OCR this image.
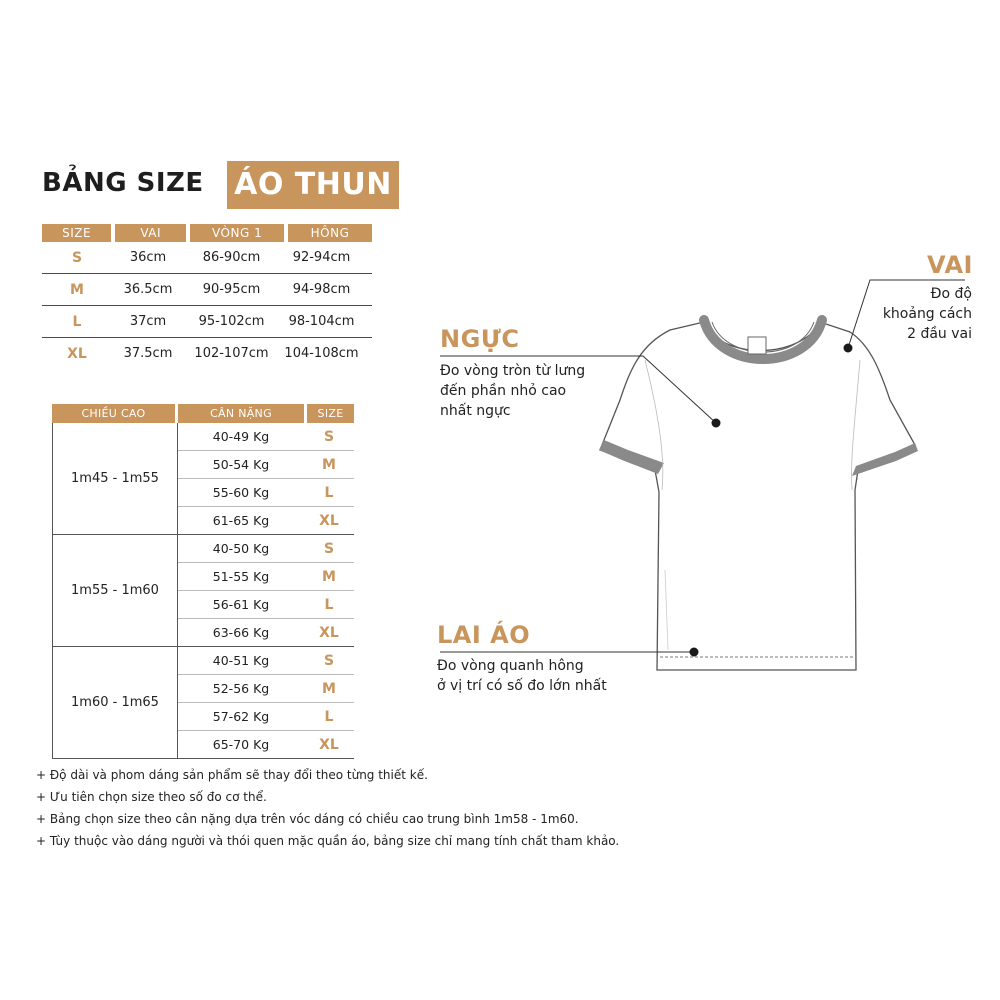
BẢNG SIZE ÁO THUN
SIZE	VAI	VÒNG 1	HÔNG
S	36cm	86-90cm	92-94cm
M	36.5cm	90-95cm	94-98cm
L	37cm	95-102cm	98-104cm
XL	37.5cm	102-107cm	104-108cm
CHIỀU CAO	CÂN NẶNG	SIZE
1m45 - 1m55
40-49 Kg	S
50-54 Kg	M
55-60 Kg	L
61-65 Kg	XL
1m55 - 1m60
40-50 Kg	S
51-55 Kg	M
56-61 Kg	L
63-66 Kg	XL
1m60 - 1m65
40-51 Kg	S
52-56 Kg	M
57-62 Kg	L
65-70 Kg	XL
+ Độ dài và phom dáng sản phẩm sẽ thay đổi theo từng thiết kế.
+ Ưu tiên chọn size theo số đo cơ thể.
+ Bảng chọn size theo cân nặng dựa trên vóc dáng có chiều cao trung bình 1m58 - 1m60.
+ Tùy thuộc vào dáng người và thói quen mặc quần áo, bảng size chỉ mang tính chất tham khảo.
VAI
Đo độ
khoảng cách
2 đầu vai
NGỰC
Đo vòng tròn từ lưng
đến phần nhỏ cao
nhất ngực
LAI ÁO
Đo vòng quanh hông
ở vị trí có số đo lớn nhất
